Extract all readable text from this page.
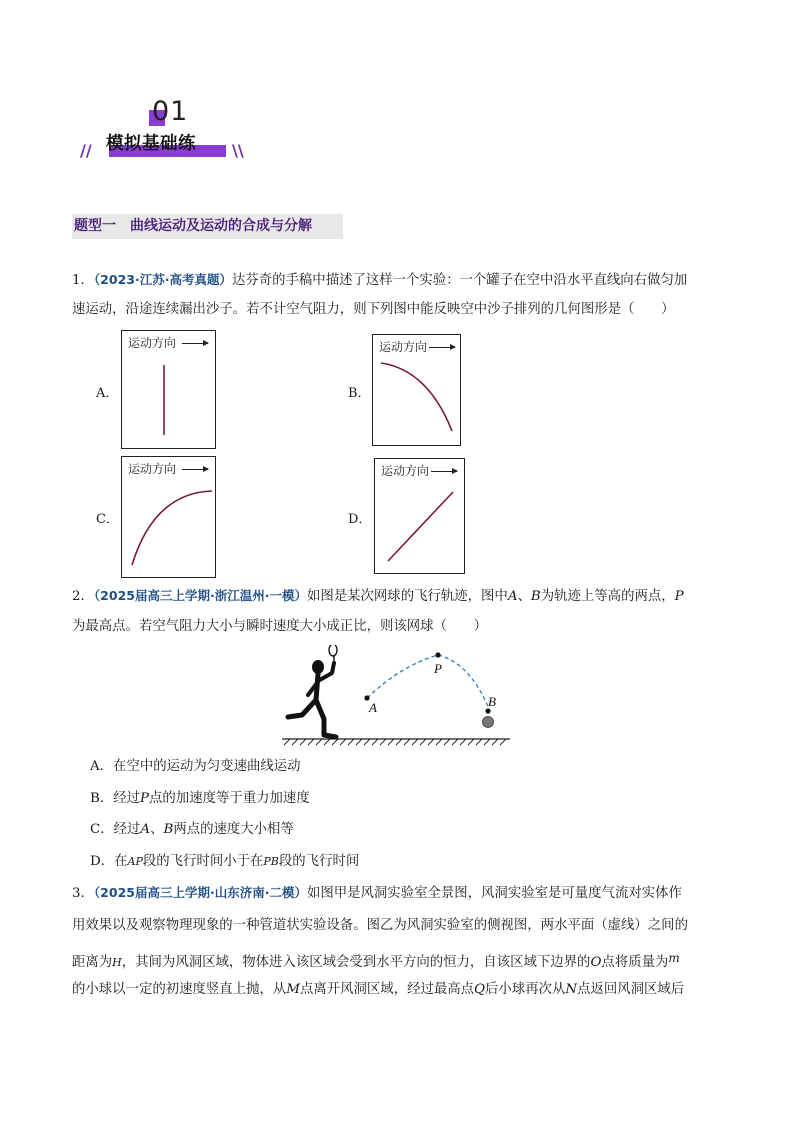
01
//	\\
模拟基础练
题型一 曲线运动及运动的合成与分解
1．（2023·江苏·高考真题）达芬奇的手稿中描述了这样一个实验：一个罐子在空中沿水平直线向右做匀加
速运动，沿途连续漏出沙子。若不计空气阻力，则下列图中能反映空中沙子排列的几何图形是（　　）
A．
运动方向
B．
运动方向
C．
运动方向
D．
运动方向
2．（2025届高三上学期·浙江温州·一模）如图是某次网球的飞行轨迹，图中A、B为轨迹上等高的两点，P
为最高点。若空气阻力大小与瞬时速度大小成正比，则该网球（　　）
A
P
B
A．在空中的运动为匀变速曲线运动
B．经过P点的加速度等于重力加速度
C．经过A、B两点的速度大小相等
D．在AP段的飞行时间小于在PB段的飞行时间
3．（2025届高三上学期·山东济南·二模）如图甲是风洞实验室全景图，风洞实验室是可量度气流对实体作
用效果以及观察物理现象的一种管道状实验设备。图乙为风洞实验室的侧视图，两水平面（虚线）之间的
距离为H，其间为风洞区域，物体进入该区域会受到水平方向的恒力，自该区域下边界的O点将质量为m
的小球以一定的初速度竖直上抛，从M点离开风洞区域，经过最高点Q后小球再次从N点返回风洞区域后
